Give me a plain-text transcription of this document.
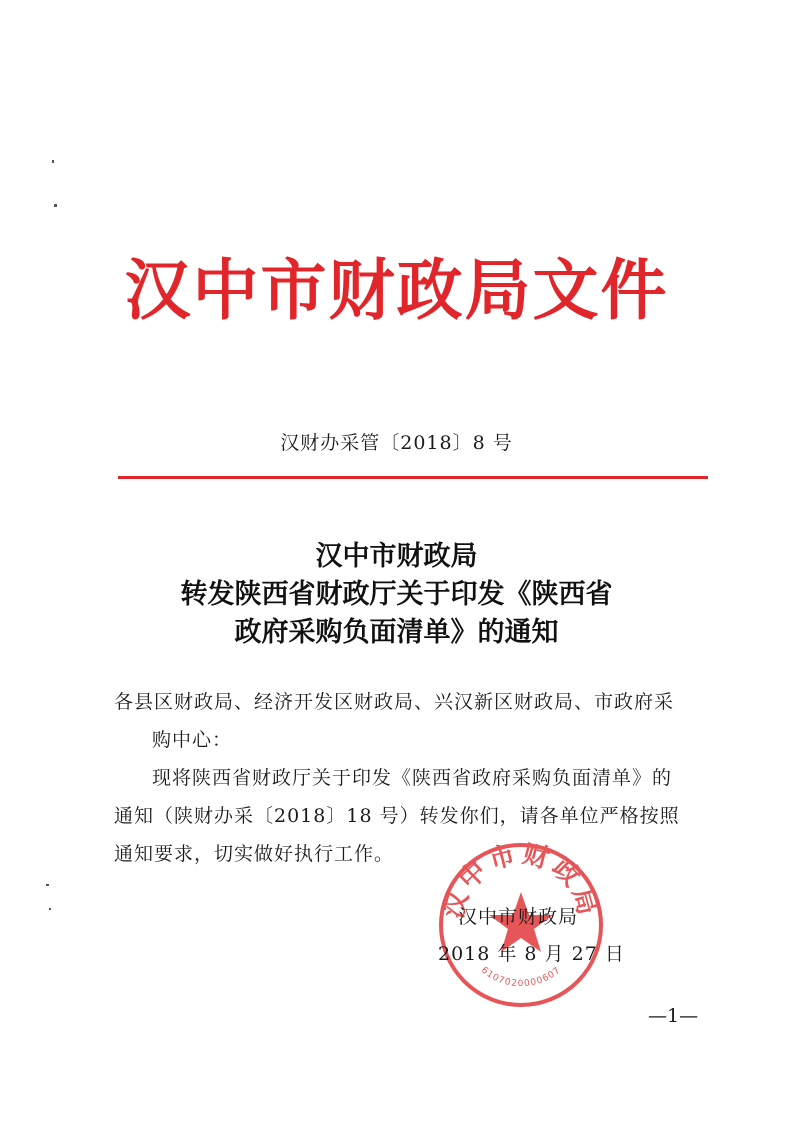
汉中市财政局文件
汉财办采管〔2018〕8 号
汉中市财政局
转发陕西省财政厅关于印发《陕西省
政府采购负面清单》的通知

各县区财政局、经济开发区财政局、兴汉新区财政局、市政府采

购中心：

现将陕西省财政厅关于印发《陕西省政府采购负面清单》的

通知（陕财办采〔2018〕18 号）转发你们，请各单位严格按照

通知要求，切实做好执行工作。

汉中市财政局
6107020000607
汉中市财政局
2018 年 8 月 27 日
—1—
